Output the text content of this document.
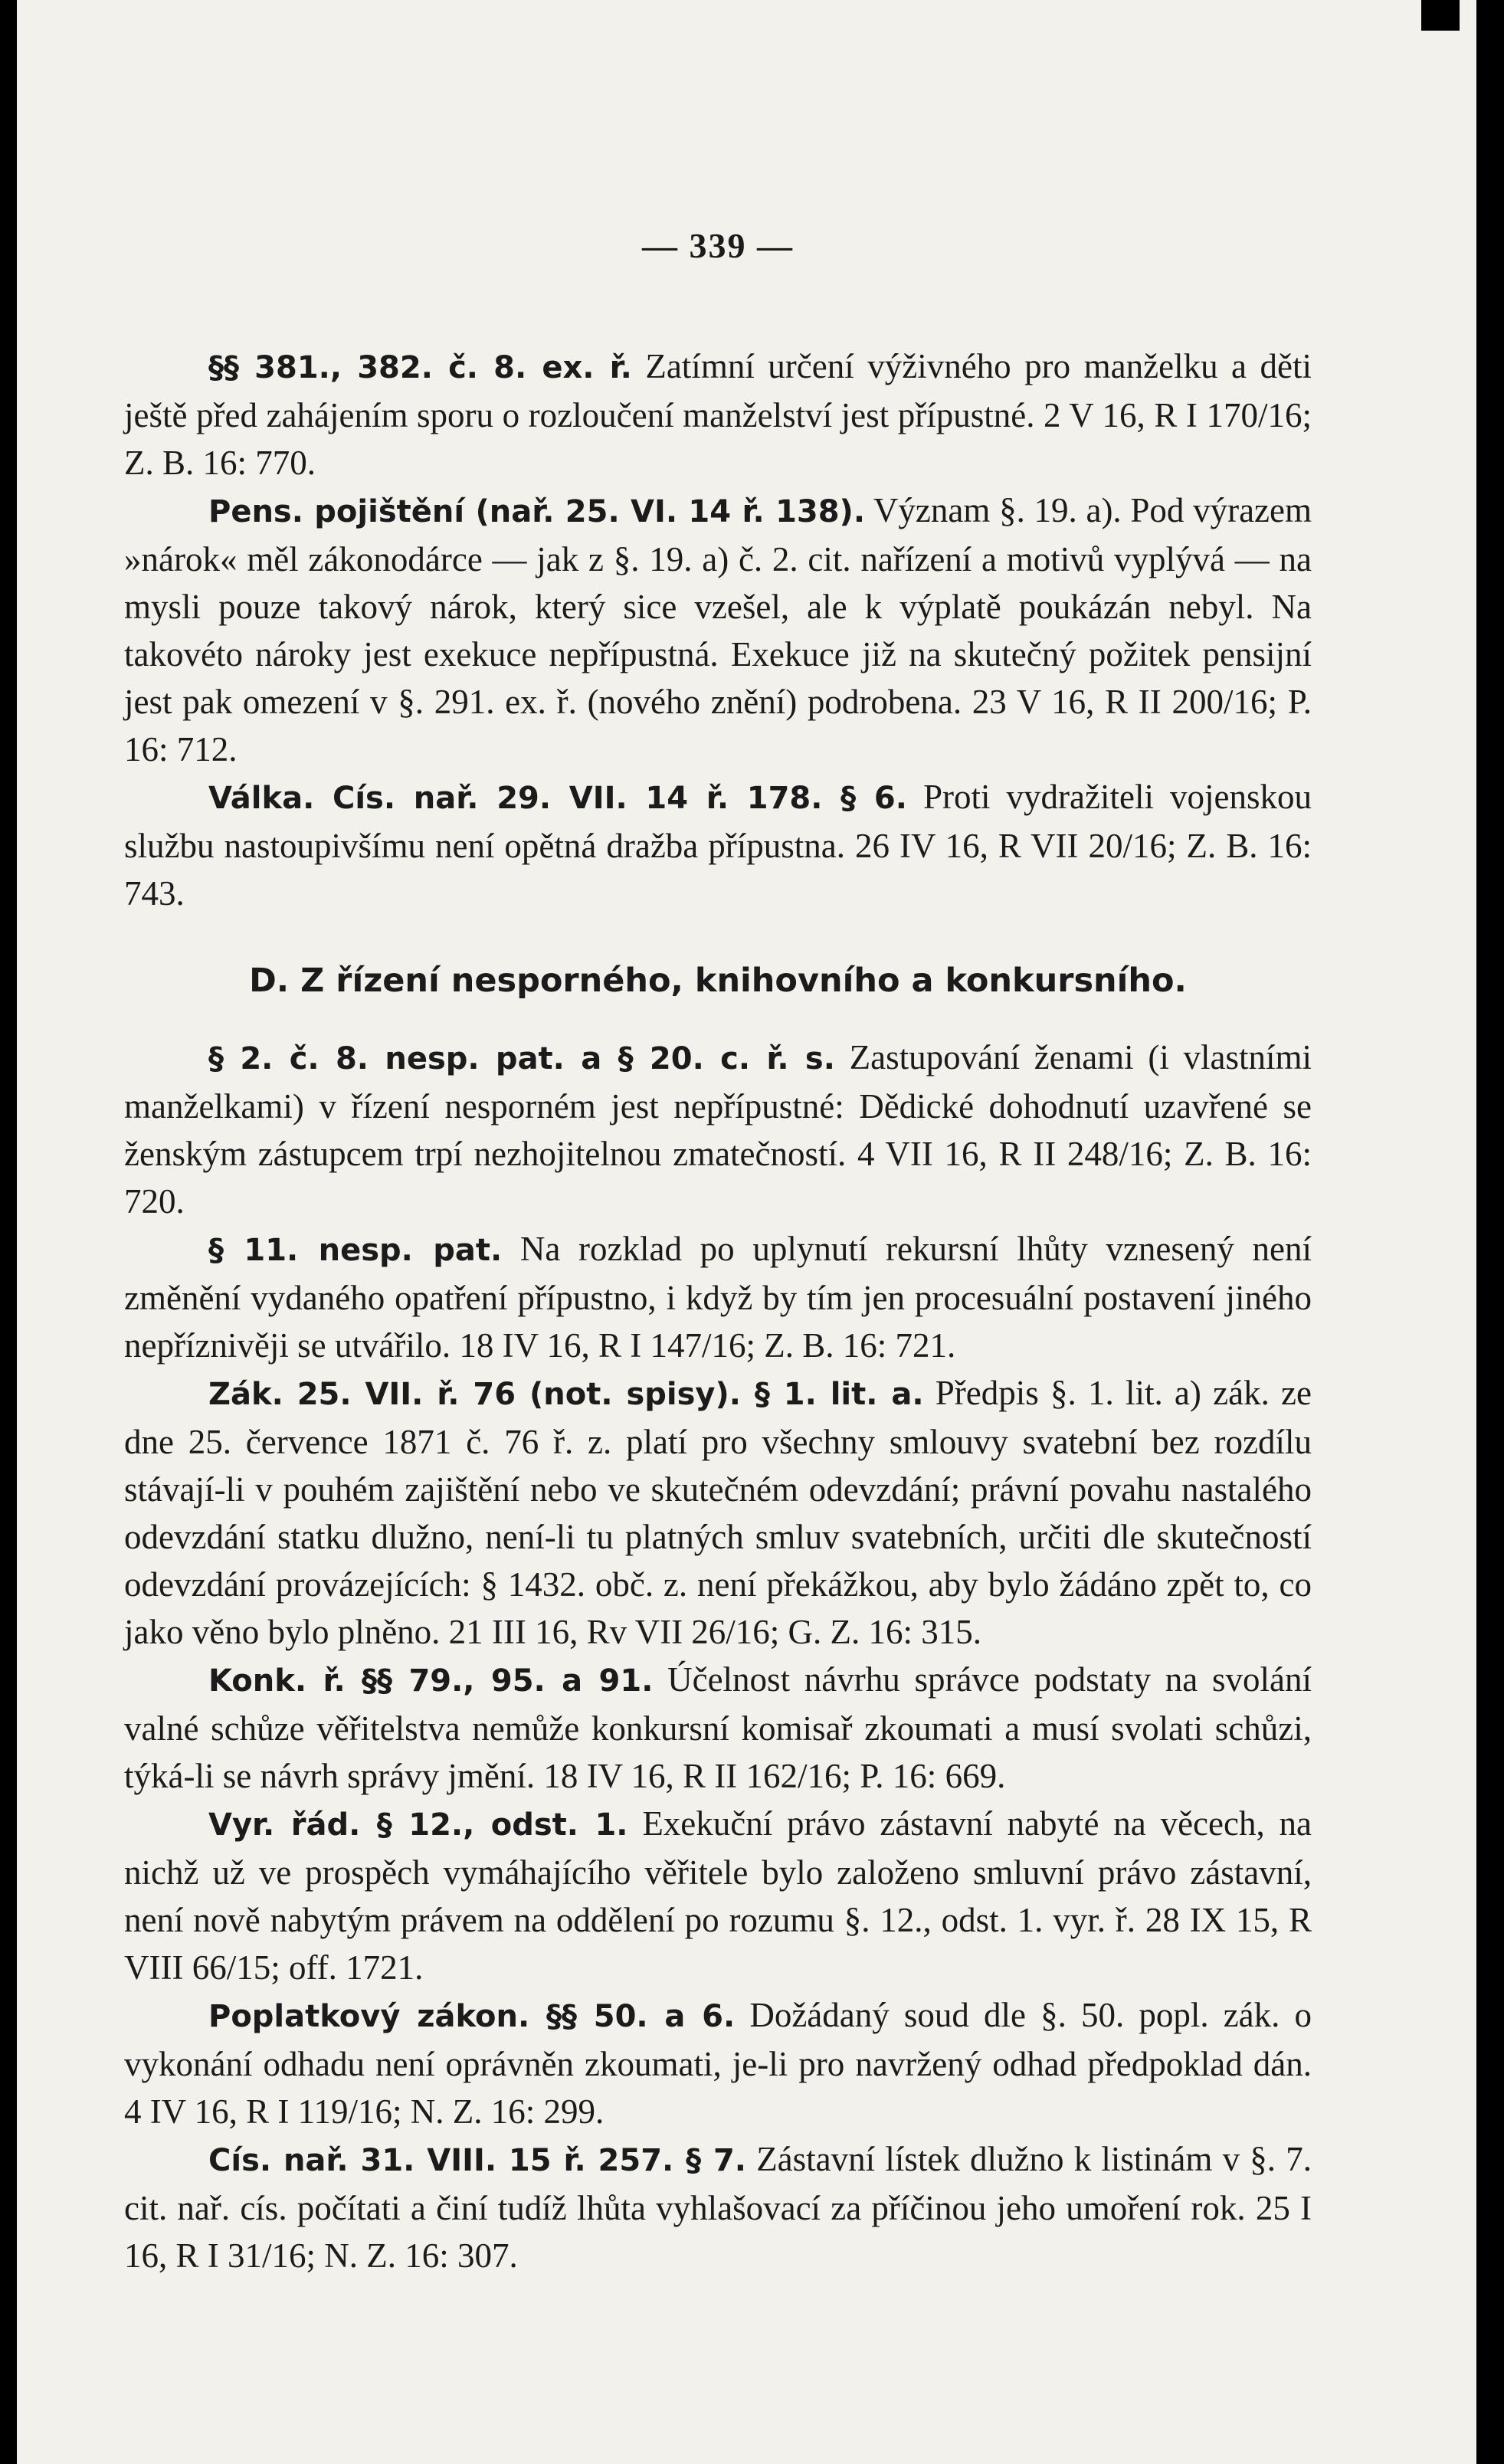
— 339 —

§§ 381., 382. č. 8. ex. ř. Zatímní určení výživného pro manželku a děti ještě před zahájením sporu o rozloučení manželství jest přípustné. 2 V 16, R I 170/16; Z. B. 16: 770.

Pens. pojištění (nař. 25. VI. 14 ř. 138). Význam §. 19. a). Pod výrazem »nárok« měl zákonodárce — jak z §. 19. a) č. 2. cit. nařízení a motivů vyplývá — na mysli pouze takový nárok, který sice vzešel, ale k výplatě poukázán nebyl. Na takovéto nároky jest exekuce nepřípustná. Exekuce již na skutečný požitek pensijní jest pak omezení v §. 291. ex. ř. (nového znění) podrobena. 23 V 16, R II 200/16; P. 16: 712.

Válka. Cís. nař. 29. VII. 14 ř. 178. § 6. Proti vydražiteli vojenskou službu nastoupivšímu není opětná dražba přípustna. 26 IV 16, R VII 20/16; Z. B. 16: 743.

D. Z řízení nesporného, knihovního a konkursního.

§ 2. č. 8. nesp. pat. a § 20. c. ř. s. Zastupování ženami (i vlastními manželkami) v řízení nesporném jest nepřípustné: Dědické dohodnutí uzavřené se ženským zástupcem trpí nezhojitelnou zmatečností. 4 VII 16, R II 248/16; Z. B. 16: 720.

§ 11. nesp. pat. Na rozklad po uplynutí rekursní lhůty vznesený není změnění vydaného opatření přípustno, i když by tím jen procesuální postavení jiného nepříznivěji se utvářilo. 18 IV 16, R I 147/16; Z. B. 16: 721.

Zák. 25. VII. ř. 76 (not. spisy). § 1. lit. a. Předpis §. 1. lit. a) zák. ze dne 25. července 1871 č. 76 ř. z. platí pro všechny smlouvy svatební bez rozdílu stávají-li v pouhém zajištění nebo ve skutečném odevzdání; právní povahu nastalého odevzdání statku dlužno, není-li tu platných smluv svatebních, určiti dle skutečností odevzdání provázejících: § 1432. obč. z. není překážkou, aby bylo žádáno zpět to, co jako věno bylo plněno. 21 III 16, Rv VII 26/16; G. Z. 16: 315.

Konk. ř. §§ 79., 95. a 91. Účelnost návrhu správce podstaty na svolání valné schůze věřitelstva nemůže konkursní komisař zkoumati a musí svolati schůzi, týká-li se návrh správy jmění. 18 IV 16, R II 162/16; P. 16: 669.

Vyr. řád. § 12., odst. 1. Exekuční právo zástavní nabyté na věcech, na nichž už ve prospěch vymáhajícího věřitele bylo založeno smluvní právo zástavní, není nově nabytým právem na oddělení po rozumu §. 12., odst. 1. vyr. ř. 28 IX 15, R VIII 66/15; off. 1721.

Poplatkový zákon. §§ 50. a 6. Dožádaný soud dle §. 50. popl. zák. o vykonání odhadu není oprávněn zkoumati, je-li pro navržený odhad předpoklad dán. 4 IV 16, R I 119/16; N. Z. 16: 299.

Cís. nař. 31. VIII. 15 ř. 257. § 7. Zástavní lístek dlužno k listinám v §. 7. cit. nař. cís. počítati a činí tudíž lhůta vyhlašovací za příčinou jeho umoření rok. 25 I 16, R I 31/16; N. Z. 16: 307.
